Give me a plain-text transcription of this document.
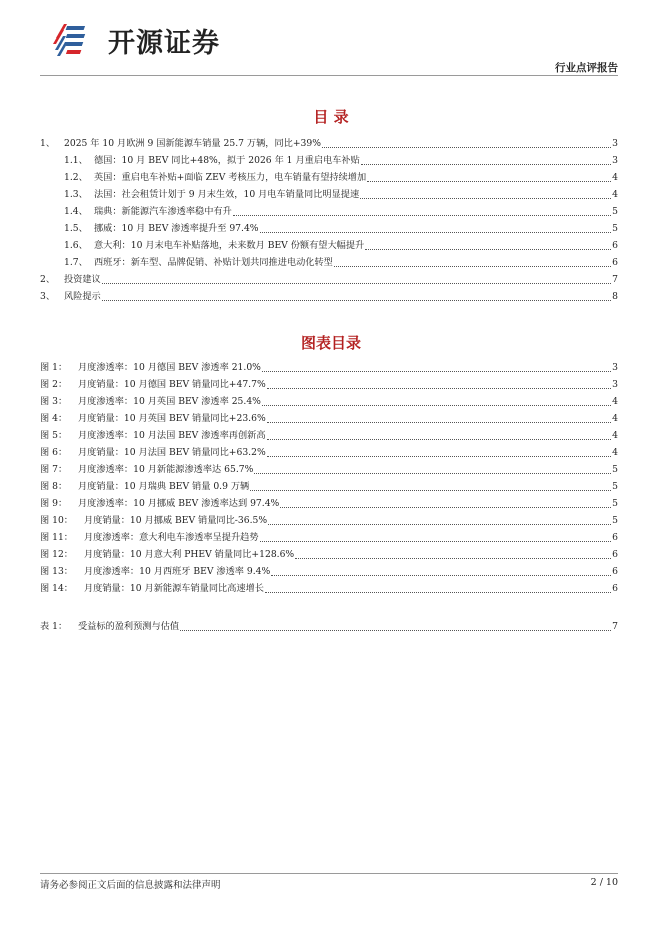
开源证券
行业点评报告
目 录
1、 2025 年 10 月欧洲 9 国新能源车销量 25.7 万辆，同比+39%	3
1.1、 德国：10 月 BEV 同比+48%，拟于 2026 年 1 月重启电车补贴	3
1.2、 英国：重启电车补贴+面临 ZEV 考核压力，电车销量有望持续增加	4
1.3、 法国：社会租赁计划于 9 月末生效，10 月电车销量同比明显提速	4
1.4、 瑞典：新能源汽车渗透率稳中有升	5
1.5、 挪威：10 月 BEV 渗透率提升至 97.4%	5
1.6、 意大利：10 月末电车补贴落地，未来数月 BEV 份额有望大幅提升	6
1.7、 西班牙：新车型、品牌促销、补贴计划共同推进电动化转型	6
2、 投资建议	7
3、 风险提示	8
图表目录
图 1：	月度渗透率：10 月德国 BEV 渗透率 21.0%	3
图 2：	月度销量：10 月德国 BEV 销量同比+47.7%	3
图 3：	月度渗透率：10 月英国 BEV 渗透率 25.4%	4
图 4：	月度销量：10 月英国 BEV 销量同比+23.6%	4
图 5：	月度渗透率：10 月法国 BEV 渗透率再创新高	4
图 6：	月度销量：10 月法国 BEV 销量同比+63.2%	4
图 7：	月度渗透率：10 月新能源渗透率达 65.7%	5
图 8：	月度销量：10 月瑞典 BEV 销量 0.9 万辆	5
图 9：	月度渗透率：10 月挪威 BEV 渗透率达到 97.4%	5
图 10：	月度销量：10 月挪威 BEV 销量同比-36.5%	5
图 11：	月度渗透率：意大利电车渗透率呈提升趋势	6
图 12：	月度销量：10 月意大利 PHEV 销量同比+128.6%	6
图 13：	月度渗透率：10 月西班牙 BEV 渗透率 9.4%	6
图 14：	月度销量：10 月新能源车销量同比高速增长	6
表 1：	受益标的盈利预测与估值	7
请务必参阅正文后面的信息披露和法律声明	2 / 10
